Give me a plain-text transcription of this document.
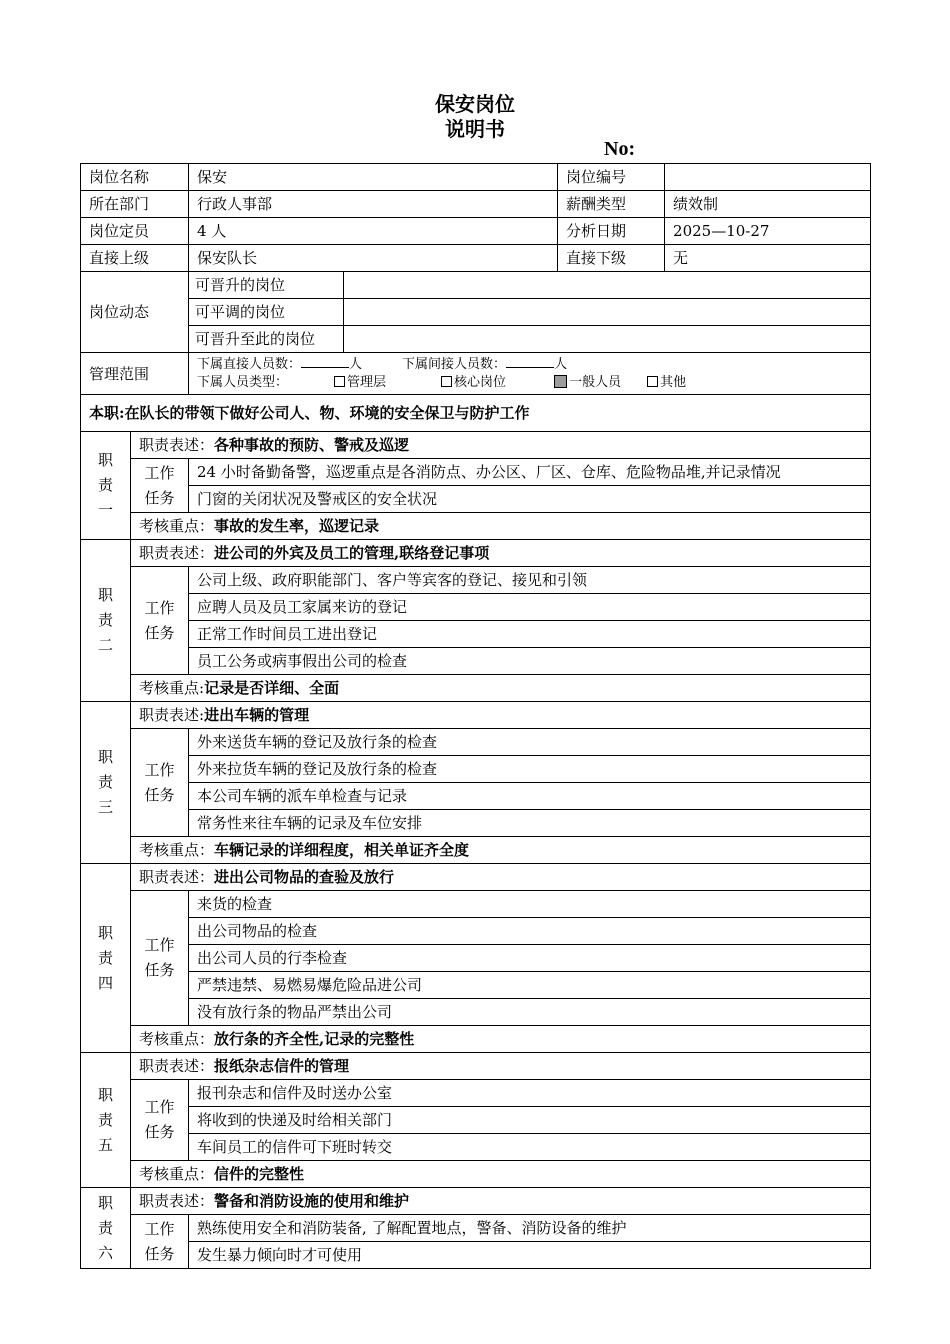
保安岗位
说明书
No:
岗位名称		保安		岗位编号	
所在部门		行政人事部		薪酬类型	绩效制
岗位定员		4 人		分析日期	2025—10-27
直接上级		保安队长		直接下级	无
岗位动态		可晋升的岗位			
		可平调的岗位			
		可晋升至此的岗位			
管理范围		下属直接人员数： 人 下属间接人员数： 人
下属人员类型： 管理层 核心岗位 一般人员 其他			

本职:在队长的带领下做好公司人、物、环境的安全保卫与防护工作					

职
责
一	职责表述：各种事故的预防、警戒及巡逻				

	工作
任务	24 小时备勤备警，巡逻重点是各消防点、办公区、厂区、仓库、危险物品堆,并记录情况			
		门窗的关闭状况及警戒区的安全状况			
	考核重点：事故的发生率，巡逻记录				

职
责
二	职责表述：进公司的外宾及员工的管理,联络登记事项				

	工作
任务	公司上级、政府职能部门、客户等宾客的登记、接见和引领			
		应聘人员及员工家属来访的登记			
		正常工作时间员工进出登记			
		员工公务或病事假出公司的检查			
	考核重点:记录是否详细、全面				

职
责
三	职责表述:进出车辆的管理				

	工作
任务	外来送货车辆的登记及放行条的检查			
		外来拉货车辆的登记及放行条的检查			
		本公司车辆的派车单检查与记录			
		常务性来往车辆的记录及车位安排			
	考核重点：车辆记录的详细程度，相关单证齐全度				

职
责
四	职责表述：进出公司物品的查验及放行				

	工作
任务	来货的检查			
		出公司物品的检查			
		出公司人员的行李检查			
		严禁违禁、易燃易爆危险品进公司			
		没有放行条的物品严禁出公司			
	考核重点：放行条的齐全性,记录的完整性				

职
责
五	职责表述：报纸杂志信件的管理				

	工作
任务	报刊杂志和信件及时送办公室			
		将收到的快递及时给相关部门			
		车间员工的信件可下班时转交			
	考核重点：信件的完整性				

职
责
六	职责表述：警备和消防设施的使用和维护				

	工作
任务	熟练使用安全和消防装备, 了解配置地点，警备、消防设备的维护			
		发生暴力倾向时才可使用			
